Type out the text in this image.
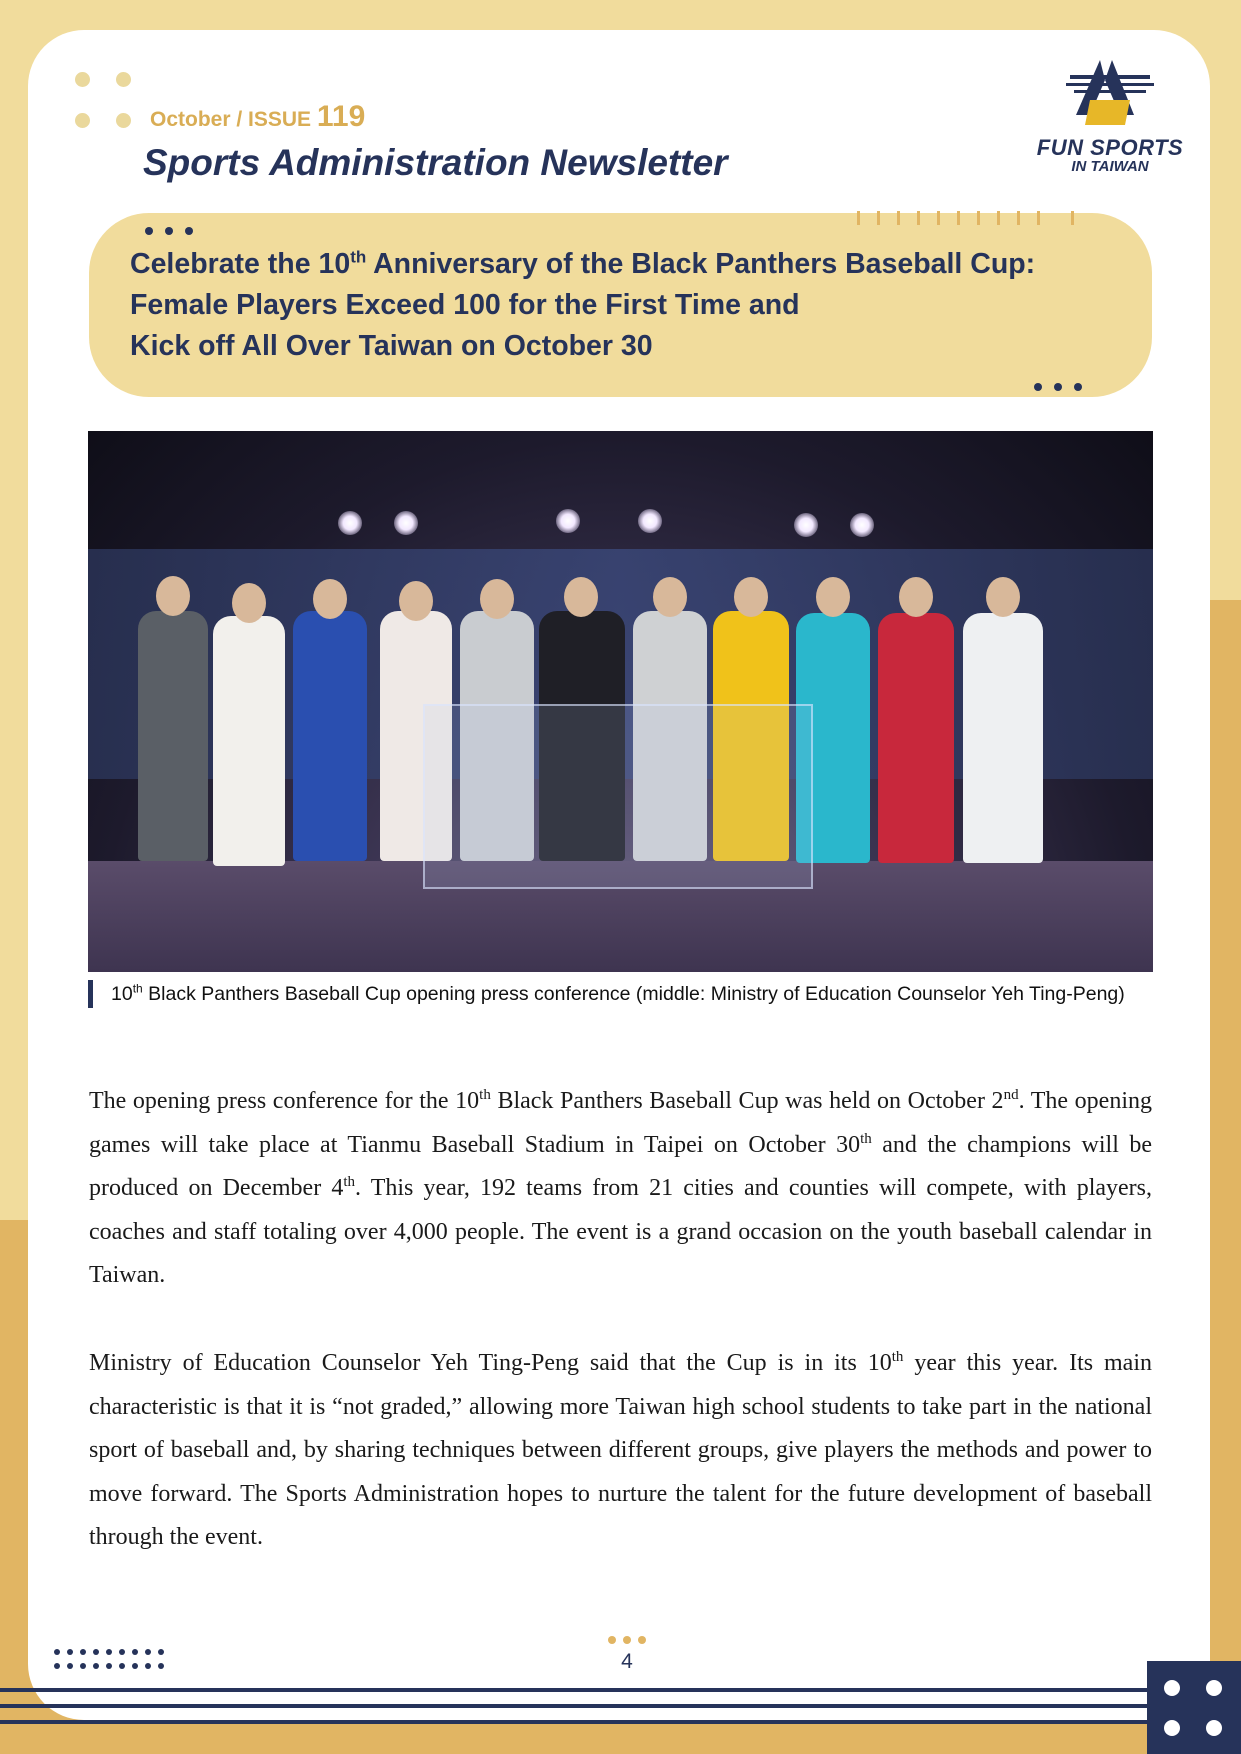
October / ISSUE 119
Sports Administration Newsletter	FUN SPORTS
IN TAIWAN
Celebrate the 10th Anniversary of the Black Panthers Baseball Cup:
Female Players Exceed 100 for the First Time and
Kick off All Over Taiwan on October 30
10th Black Panthers Baseball Cup opening press conference (middle: Ministry of Education Counselor Yeh Ting-Peng)
The opening press conference for the 10th Black Panthers Baseball Cup was held on October 2nd. The opening games will take place at Tianmu Baseball Stadium in Taipei on October 30th and the champions will be produced on December 4th. This year, 192 teams from 21 cities and counties will compete, with players, coaches and staff totaling over 4,000 people. The event is a grand occasion on the youth baseball calendar in Taiwan.
Ministry of Education Counselor Yeh Ting-Peng said that the Cup is in its 10th year this year. Its main characteristic is that it is “not graded,” allowing more Taiwan high school students to take part in the national sport of baseball and, by sharing techniques between different groups, give players the methods and power to move forward. The Sports Administration hopes to nurture the talent for the future development of baseball through the event.
4
